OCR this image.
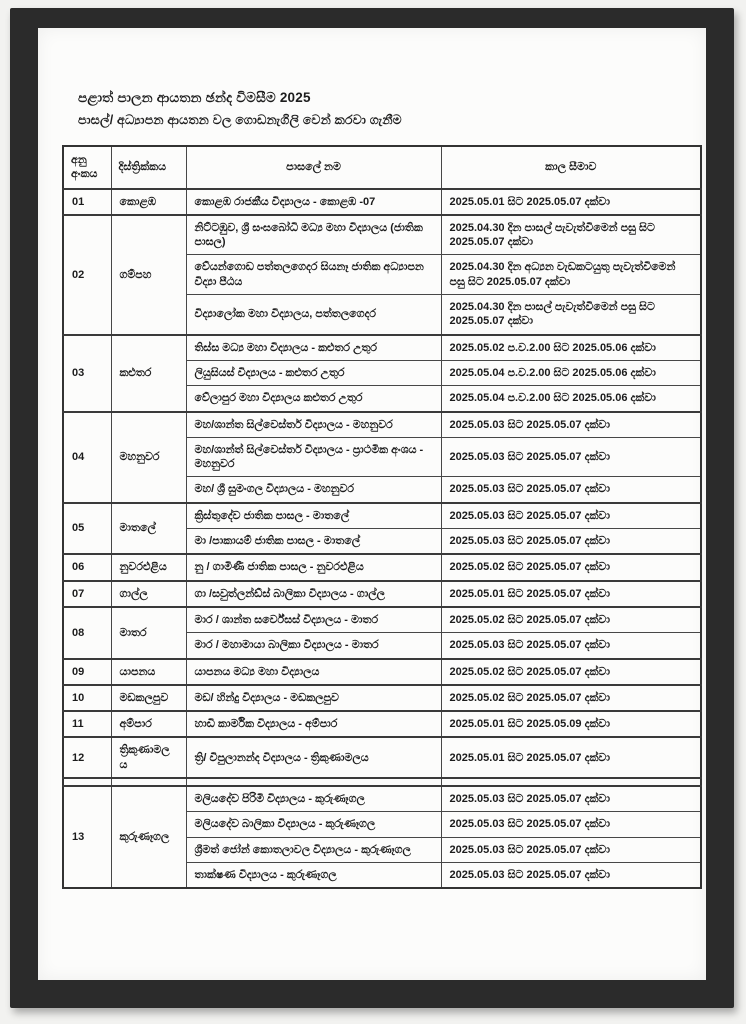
පළාත් පාලන ආයතන ඡන්ද විමසීම 2025

පාසල්/ අධ්‍යාපන ආයතන වල ගොඩනැගිලි වෙන් කරවා ගැනීම

අනු අංකය	දිස්ත්‍රික්කය	පාසලේ නම	කාල සීමාව
01	කොළඹ	කොළඹ රාජකීය විද්‍යාලය - කොළඹ -07	2025.05.01 සිට 2025.05.07 දක්වා
02	ගම්පහ	නිට්ටඹුව, ශ්‍රී සංඝබෝධි මධ්‍ය මහා විද්‍යාලය (ජාතික පාසල)	2025.04.30 දින පාසල් පැවැත්වීමෙන් පසු සිට 2025.05.07 දක්වා
		වේයන්ගොඩ පත්තලගෙදර සියනෑ ජාතික අධ්‍යාපන විද්‍යා පීඨය	2025.04.30 දින අධ්‍යන වැඩකටයුතු පැවැත්වීමෙන් පසු සිට 2025.05.07 දක්වා
		විද්‍යාලෝක මහා විද්‍යාලය, පත්තලගෙදර	2025.04.30 දින පාසල් පැවැත්වීමෙන් පසු සිට 2025.05.07 දක්වා
03	කළුතර	තිස්ස මධ්‍ය මහා විද්‍යාලය - කළුතර උතුර	2025.05.02 ප.ව.2.00 සිට 2025.05.06 දක්වා
		ලියුසියස් විද්‍යාලය - කළුතර උතුර	2025.05.04 ප.ව.2.00 සිට 2025.05.06 දක්වා
		වේලාපුර මහා විද්‍යාලය කළුතර උතුර	2025.05.04 ප.ව.2.00 සිට 2025.05.06 දක්වා
04	මහනුවර	මහ/ශාන්ත සිල්වෙස්තර් විද්‍යාලය - මහනුවර	2025.05.03 සිට 2025.05.07 දක්වා
		මහ/ශාන්ත් සිල්වෙස්තර් විද්‍යාලය - ප්‍රාථමික අංශය - මහනුවර	2025.05.03 සිට 2025.05.07 දක්වා
		මහ/ ශ්‍රී සුමංගල විද්‍යාලය - මහනුවර	2025.05.03 සිට 2025.05.07 දක්වා
05	මාතලේ	ක්‍රිස්තුදේව ජාතික පාසල - මාතලේ	2025.05.03 සිට 2025.05.07 දක්වා
		මා /පාකායම් ජාතික පාසල - මාතලේ	2025.05.03 සිට 2025.05.07 දක්වා
06	නුවරඑළිය	නු / ගාමිණී ජාතික පාසල - නුවරඑළිය	2025.05.02 සිට 2025.05.07 දක්වා
07	ගාල්ල	ගා /සවුත්ලන්ඩ්ස් බාලිකා විද්‍යාලය - ගාල්ල	2025.05.01 සිට 2025.05.07 දක්වා
08	මාතර	මාර / ශාන්ත සර්වේසස් විද්‍යාලය - මාතර	2025.05.02 සිට 2025.05.07 දක්වා
		මාර / මහාමායා බාලිකා විද්‍යාලය - මාතර	2025.05.03 සිට 2025.05.07 දක්වා
09	යාපනය	යාපනය මධ්‍ය මහා විද්‍යාලය	2025.05.02 සිට 2025.05.07 දක්වා
10	මඩකලපුව	මඩ/ හින්දු විද්‍යාලය - මඩකලපුව	2025.05.02 සිට 2025.05.07 දක්වා
11	අම්පාර	හාඩි කාර්මික විද්‍යාලය - අම්පාර	2025.05.01 සිට 2025.05.09 දක්වා
12	ත්‍රිකුණාමලය	ත්‍රි/ විපුලානන්ද විද්‍යාලය - ත්‍රිකුණාමලය	2025.05.01 සිට 2025.05.07 දක්වා

13	කුරුණෑගල	මලියදේව පිරිමි විද්‍යාලය - කුරුණෑගල	2025.05.03 සිට 2025.05.07 දක්වා
		මලියදේව බාලිකා විද්‍යාලය - කුරුණෑගල	2025.05.03 සිට 2025.05.07 දක්වා
		ශ්‍රීමත් ජෝන් කොතලාවල විද්‍යාලය - කුරුණෑගල	2025.05.03 සිට 2025.05.07 දක්වා
		තාක්ෂණ විද්‍යාලය - කුරුණෑගල	2025.05.03 සිට 2025.05.07 දක්වා
